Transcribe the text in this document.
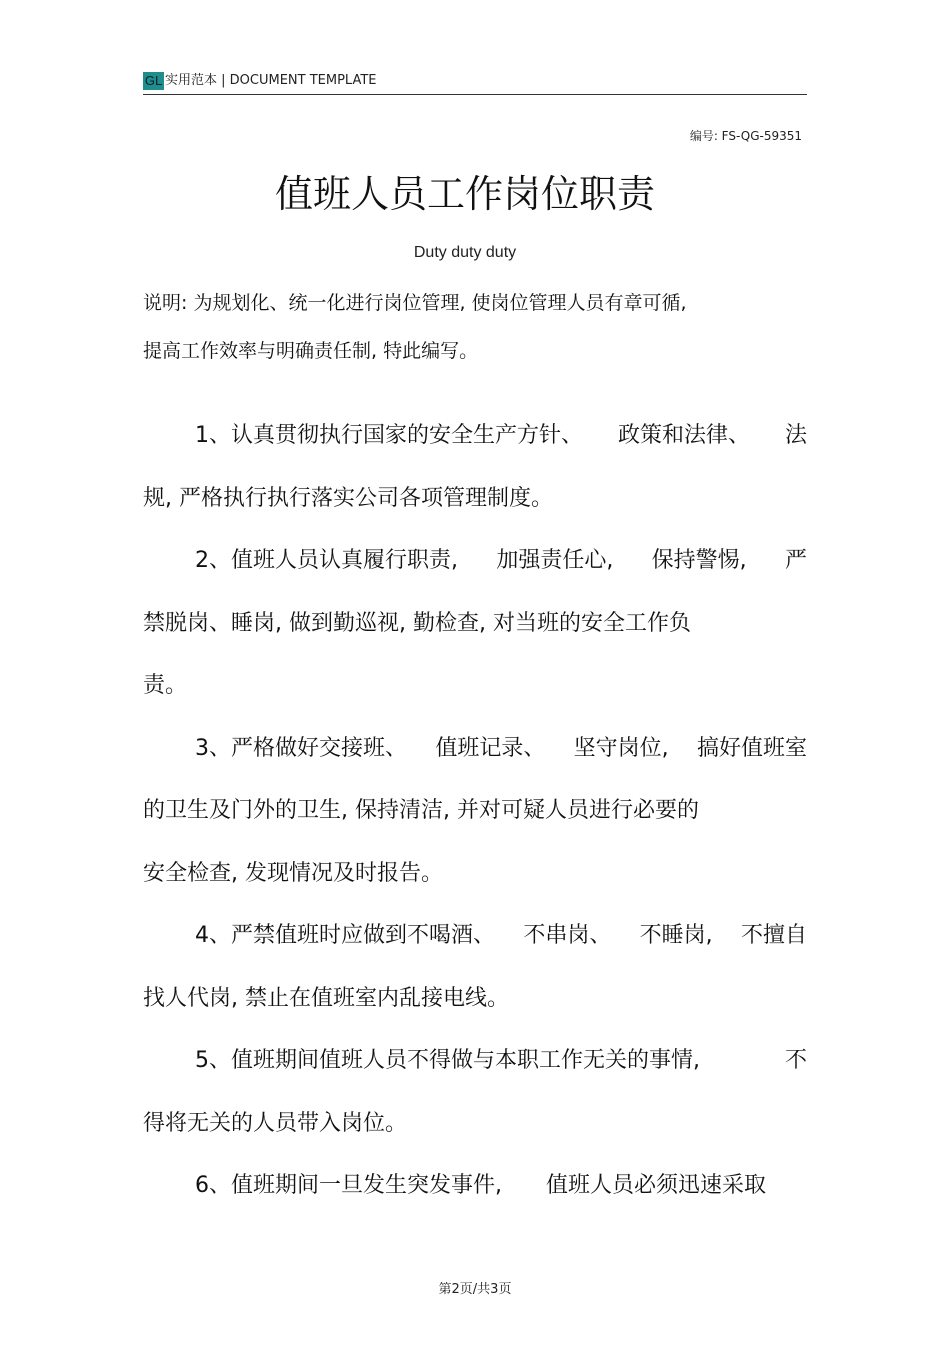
GL 实用范本 | DOCUMENT TEMPLATE
编号: FS-QG-59351
值班人员工作岗位职责
Duty duty duty
说明: 为规划化、统一化进行岗位管理, 使岗位管理人员有章可循,
提高工作效率与明确责任制, 特此编写。
1、认真贯彻执行国家的安全生产方针、 政策和法律、 法
规, 严格执行执行落实公司各项管理制度。
2、值班人员认真履行职责, 加强责任心, 保持警惕, 严
禁脱岗、睡岗, 做到勤巡视, 勤检查, 对当班的安全工作负
责。
3、严格做好交接班、 值班记录、 坚守岗位, 搞好值班室
的卫生及门外的卫生, 保持清洁, 并对可疑人员进行必要的
安全检查, 发现情况及时报告。
4、严禁值班时应做到不喝酒、 不串岗、 不睡岗, 不擅自
找人代岗, 禁止在值班室内乱接电线。
5、值班期间值班人员不得做与本职工作无关的事情,	不
得将无关的人员带入岗位。
6、值班期间一旦发生突发事件, 值班人员必须迅速采取
第2页/共3页
